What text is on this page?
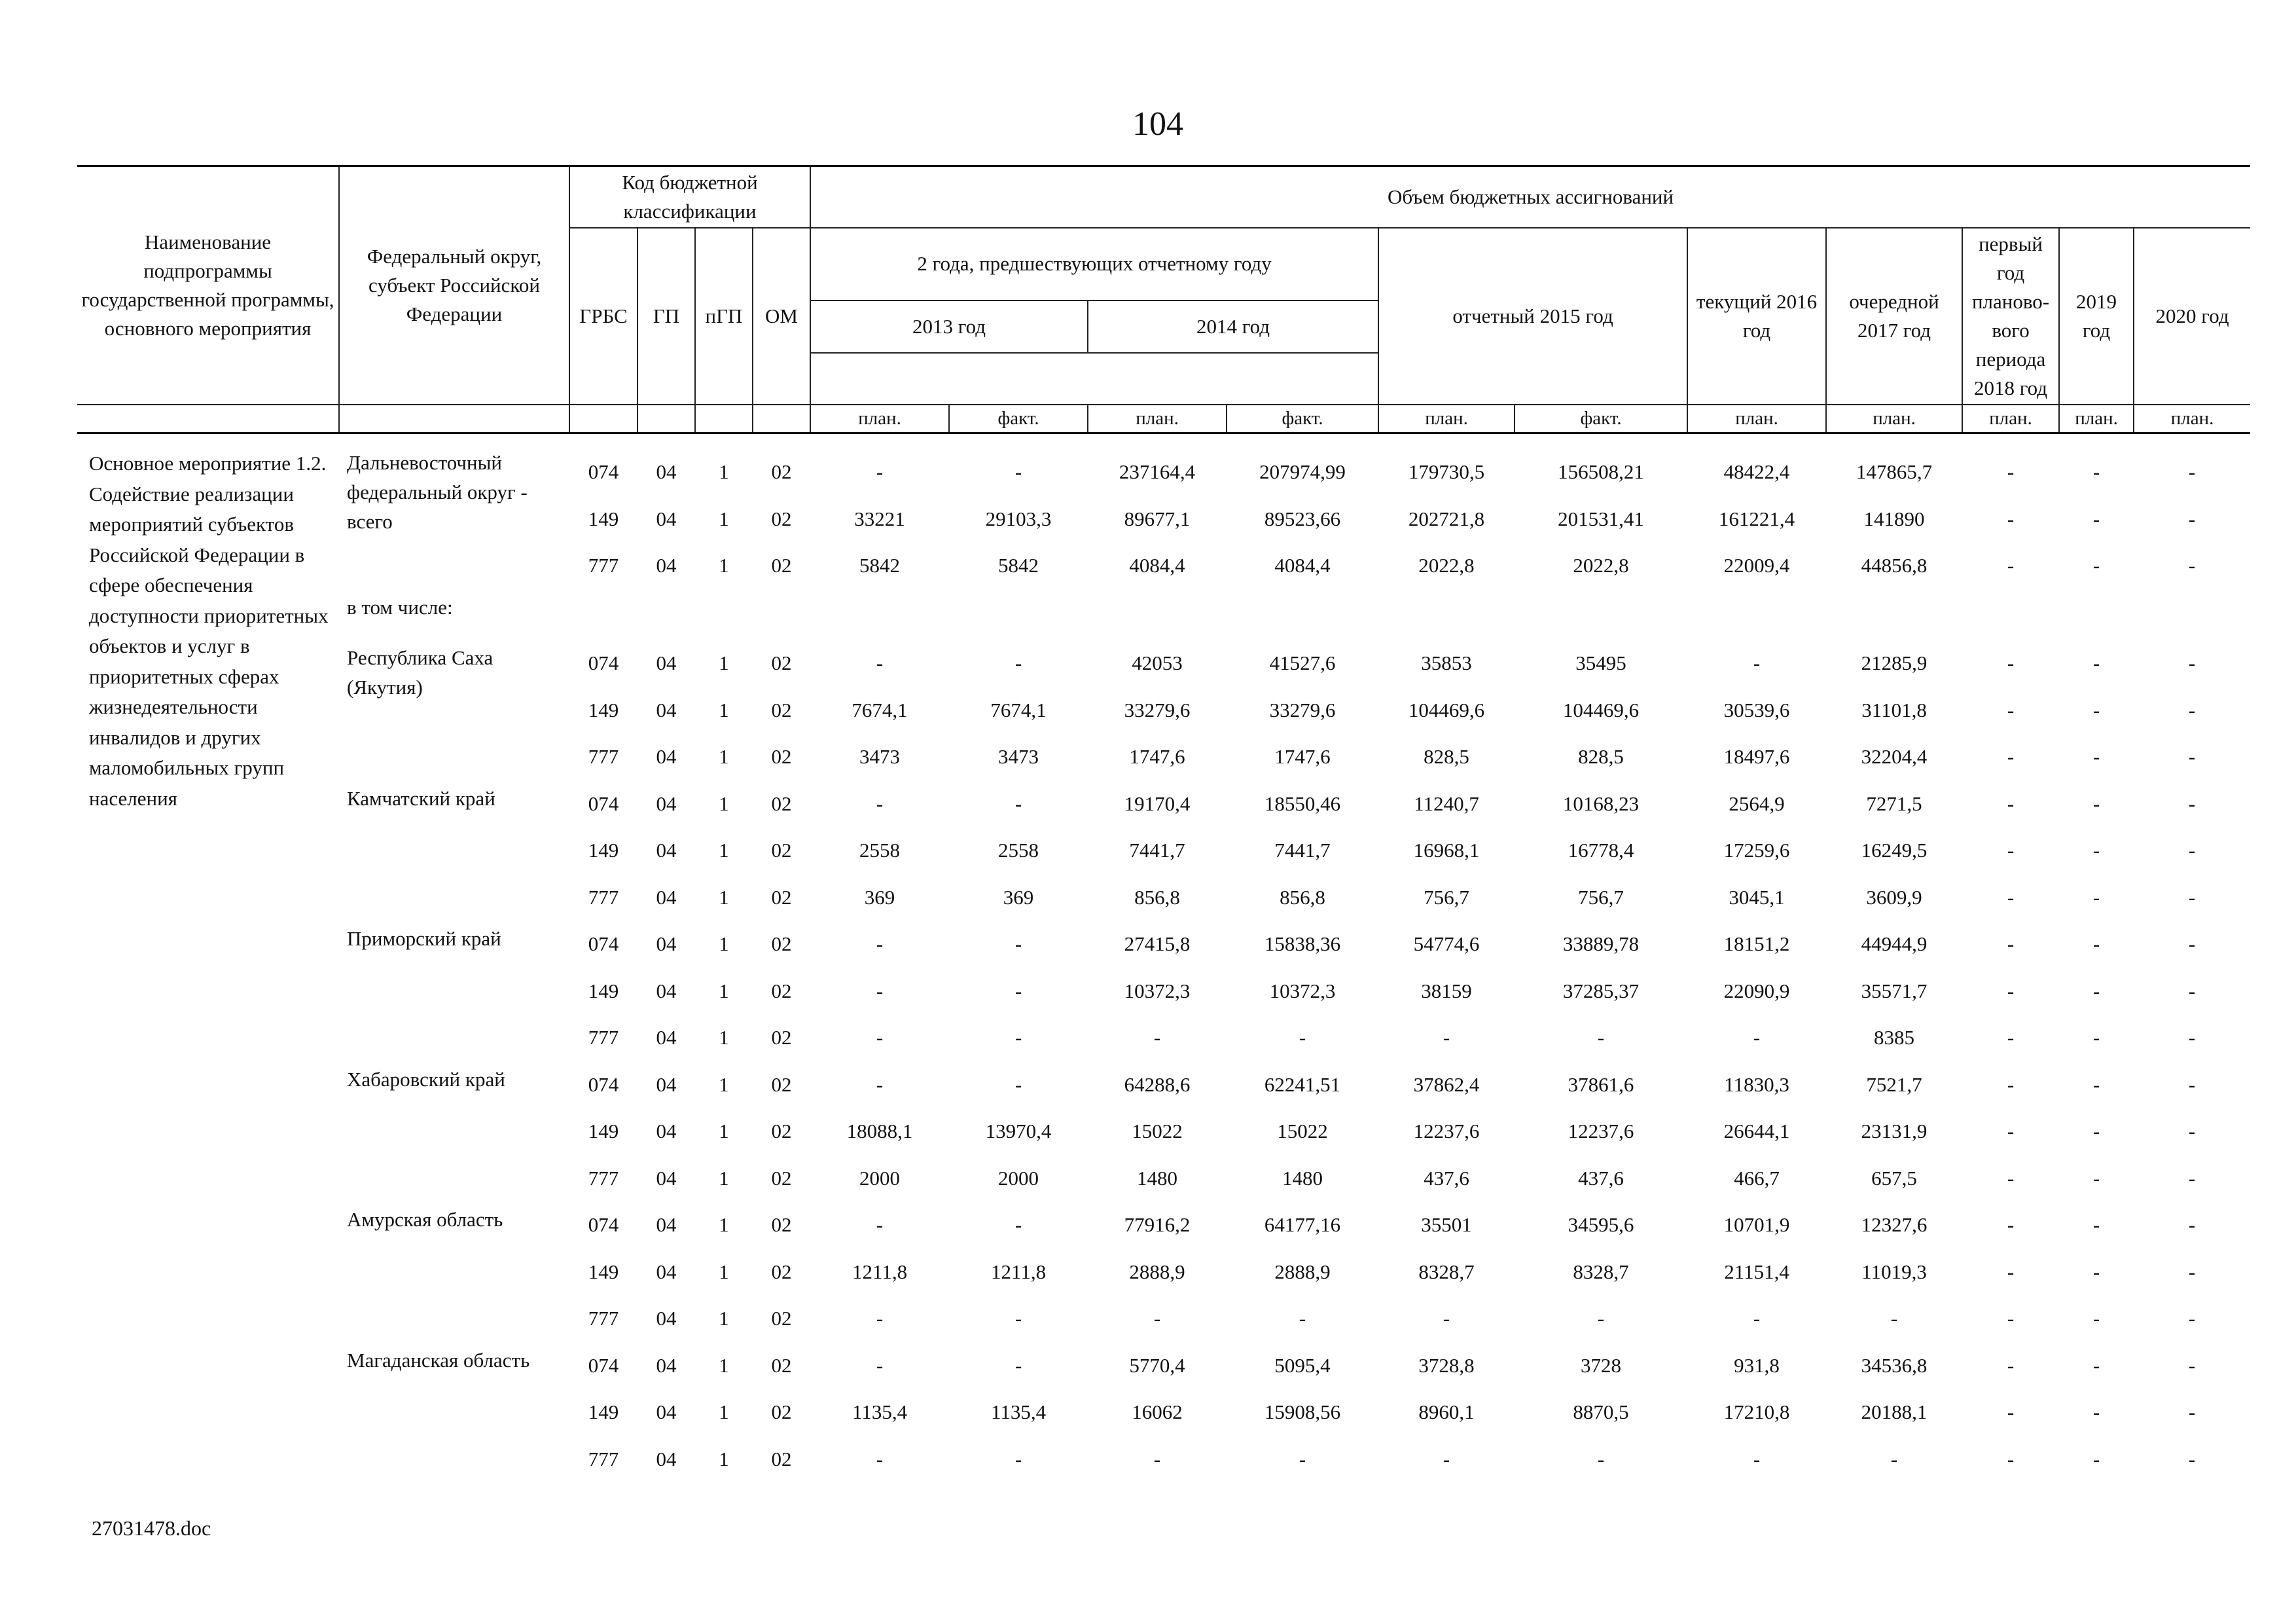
104
Наименование подпрограммы государственной программы, основного мероприятия	Федеральный округ, субъект Российской Федерации	Код бюджетной классификации				Объем бюджетных ассигнований										
		ГРБС	ГП	пГП	ОМ	2 года, предшествующих отчетному году				отчетный 2015 год		текущий 2016 год	очередной 2017 год	первый год планово-вого периода 2018 год	2019 год	2020 год
						2013 год		2014 год								

						план.	факт.	план.	факт.	план.	факт.	план.	план.	план.	план.	план.
Основное мероприятие 1.2. Содействие реализации мероприятий субъектов Российской Федерации в сфере обеспечения доступности приоритетных объектов и услуг в приоритетных сферах жизнедеятельности инвалидов и других маломобильных групп населения	Дальневосточный федеральный округ - всего	074	04	1	02	-	-	237164,4	207974,99	179730,5	156508,21	48422,4	147865,7	-	-	-
		149	04	1	02	33221	29103,3	89677,1	89523,66	202721,8	201531,41	161221,4	141890	-	-	-
		777	04	1	02	5842	5842	4084,4	4084,4	2022,8	2022,8	22009,4	44856,8	-	-	-
	в том числе:															
	Республика Саха (Якутия)	074	04	1	02	-	-	42053	41527,6	35853	35495	-	21285,9	-	-	-
		149	04	1	02	7674,1	7674,1	33279,6	33279,6	104469,6	104469,6	30539,6	31101,8	-	-	-
		777	04	1	02	3473	3473	1747,6	1747,6	828,5	828,5	18497,6	32204,4	-	-	-
	Камчатский край	074	04	1	02	-	-	19170,4	18550,46	11240,7	10168,23	2564,9	7271,5	-	-	-
		149	04	1	02	2558	2558	7441,7	7441,7	16968,1	16778,4	17259,6	16249,5	-	-	-
		777	04	1	02	369	369	856,8	856,8	756,7	756,7	3045,1	3609,9	-	-	-
	Приморский край	074	04	1	02	-	-	27415,8	15838,36	54774,6	33889,78	18151,2	44944,9	-	-	-
		149	04	1	02	-	-	10372,3	10372,3	38159	37285,37	22090,9	35571,7	-	-	-
		777	04	1	02	-	-	-	-	-	-	-	8385	-	-	-
	Хабаровский край	074	04	1	02	-	-	64288,6	62241,51	37862,4	37861,6	11830,3	7521,7	-	-	-
		149	04	1	02	18088,1	13970,4	15022	15022	12237,6	12237,6	26644,1	23131,9	-	-	-
		777	04	1	02	2000	2000	1480	1480	437,6	437,6	466,7	657,5	-	-	-
	Амурская область	074	04	1	02	-	-	77916,2	64177,16	35501	34595,6	10701,9	12327,6	-	-	-
		149	04	1	02	1211,8	1211,8	2888,9	2888,9	8328,7	8328,7	21151,4	11019,3	-	-	-
		777	04	1	02	-	-	-	-	-	-	-	-	-	-	-
	Магаданская область	074	04	1	02	-	-	5770,4	5095,4	3728,8	3728	931,8	34536,8	-	-	-
		149	04	1	02	1135,4	1135,4	16062	15908,56	8960,1	8870,5	17210,8	20188,1	-	-	-
		777	04	1	02	-	-	-	-	-	-	-	-	-	-	-
27031478.doc
